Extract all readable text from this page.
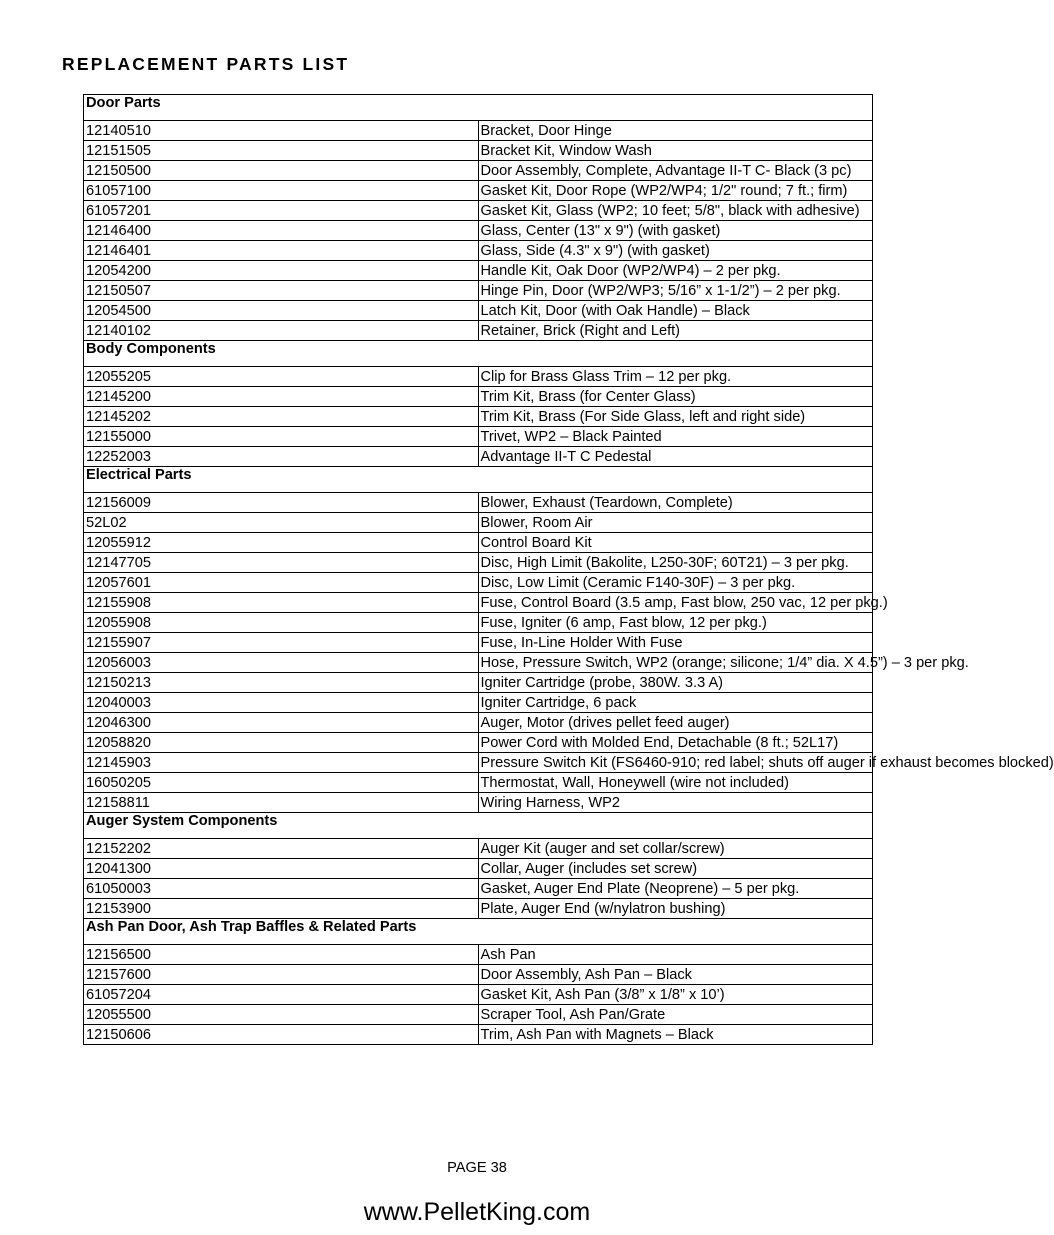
REPLACEMENT PARTS LIST
Door Parts	
12140510	Bracket, Door Hinge
12151505	Bracket Kit, Window Wash
12150500	Door Assembly, Complete, Advantage II-T C- Black (3 pc)
61057100	Gasket Kit, Door Rope (WP2/WP4; 1/2" round; 7 ft.; firm)
61057201	Gasket Kit, Glass (WP2; 10 feet; 5/8", black with adhesive)
12146400	Glass, Center (13" x 9") (with gasket)
12146401	Glass, Side (4.3" x 9") (with gasket)
12054200	Handle Kit, Oak Door (WP2/WP4) – 2 per pkg.
12150507	Hinge Pin, Door (WP2/WP3; 5/16” x 1-1/2”) – 2 per pkg.
12054500	Latch Kit, Door (with Oak Handle) – Black
12140102	Retainer, Brick (Right and Left)
Body Components	
12055205	Clip for Brass Glass Trim – 12 per pkg.
12145200	Trim Kit, Brass (for Center Glass)
12145202	Trim Kit, Brass (For Side Glass, left and right side)
12155000	Trivet, WP2 – Black Painted
12252003	Advantage II-T C Pedestal
Electrical Parts	
12156009	Blower, Exhaust (Teardown, Complete)
52L02	Blower, Room Air
12055912	Control Board Kit
12147705	Disc, High Limit (Bakolite, L250-30F; 60T21) – 3 per pkg.
12057601	Disc, Low Limit (Ceramic F140-30F) – 3 per pkg.
12155908	Fuse, Control Board (3.5 amp, Fast blow, 250 vac, 12 per pkg.)
12055908	Fuse, Igniter (6 amp, Fast blow, 12 per pkg.)
12155907	Fuse, In-Line Holder With Fuse
12056003	Hose, Pressure Switch, WP2 (orange; silicone; 1/4” dia. X 4.5”) – 3 per pkg.
12150213	Igniter Cartridge (probe, 380W. 3.3 A)
12040003	Igniter Cartridge, 6 pack
12046300	Auger, Motor (drives pellet feed auger)
12058820	Power Cord with Molded End, Detachable (8 ft.; 52L17)
12145903	Pressure Switch Kit (FS6460-910; red label; shuts off auger if exhaust becomes blocked)
16050205	Thermostat, Wall, Honeywell (wire not included)
12158811	Wiring Harness, WP2
Auger System Components	
12152202	Auger Kit (auger and set collar/screw)
12041300	Collar, Auger (includes set screw)
61050003	Gasket, Auger End Plate (Neoprene) – 5 per pkg.
12153900	Plate, Auger End (w/nylatron bushing)
Ash Pan Door, Ash Trap Baffles & Related Parts	
12156500	Ash Pan
12157600	Door Assembly, Ash Pan – Black
61057204	Gasket Kit, Ash Pan (3/8” x 1/8” x 10’)
12055500	Scraper Tool, Ash Pan/Grate
12150606	Trim, Ash Pan with Magnets – Black
PAGE 38
www.PelletKing.com
